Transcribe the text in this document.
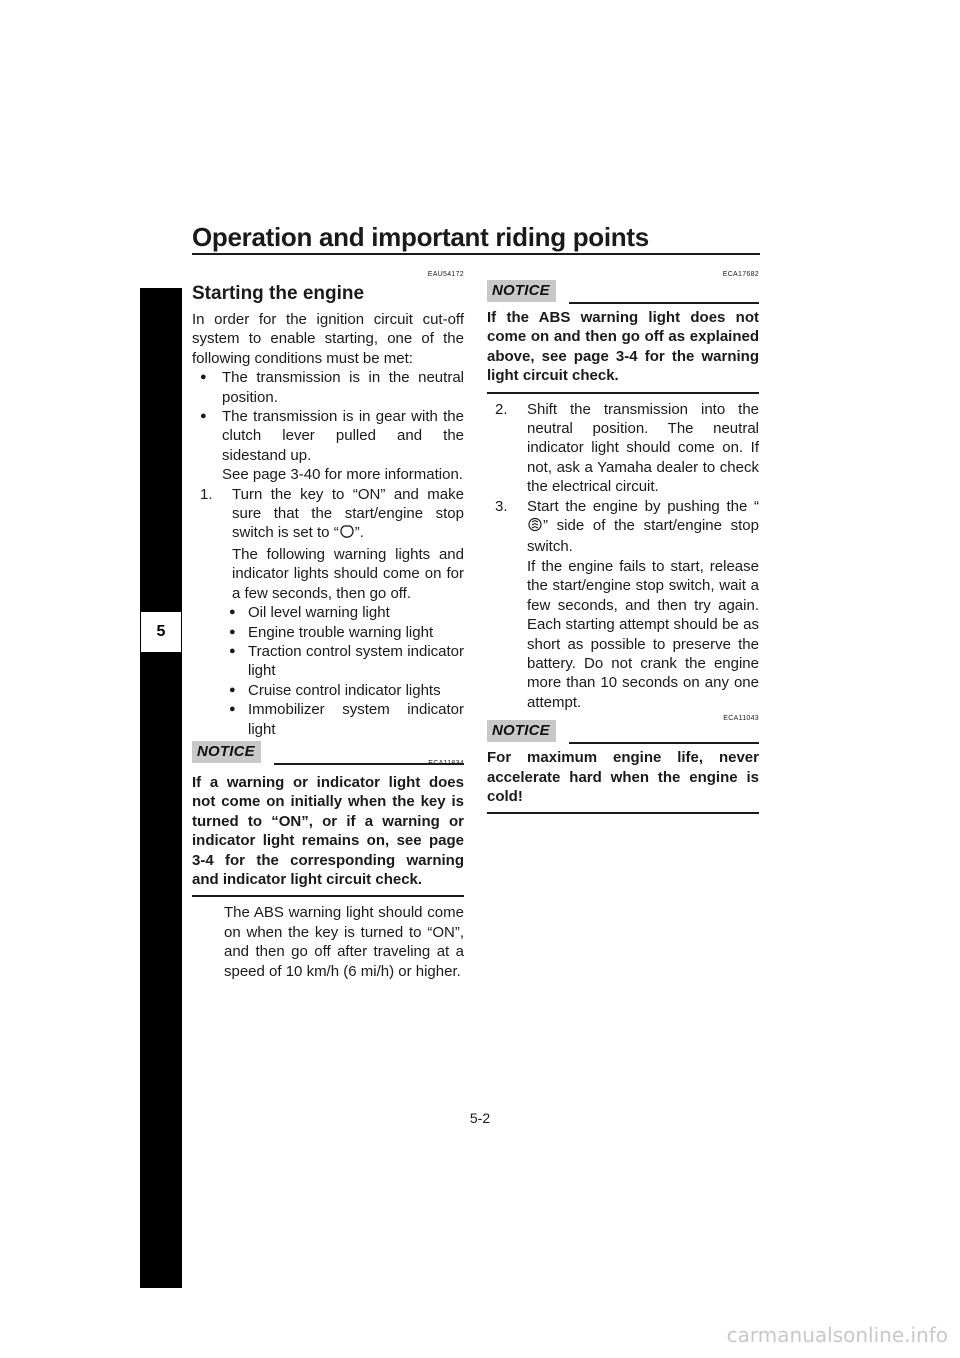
Operation and important riding points
5
EAU54172
Starting the engine

In order for the ignition circuit cut-off system to enable starting, one of the following conditions must be met:

●	The transmission is in the neutral position.
●	The transmission is in gear with the clutch lever pulled and the sidestand up.

See page 3-40 for more information.

1.	Turn the key to “ON” and make sure that the start/engine stop switch is set to “ ”.
The following warning lights and indicator lights should come on for a few seconds, then go off.
● Oil level warning light
● Engine trouble warning light
● Traction control system indicator light
● Cruise control indicator lights
● Immobilizer system indicator light
NOTICE
If a warning or indicator light does not come on initially when the key is turned to “ON”, or if a warning or indicator light remains on, see page 3-4 for the corresponding warning and indicator light circuit check.

The ABS warning light should come on when the key is turned to “ON”, and then go off after traveling at a speed of 10 km/h (6 mi/h) or higher.

ECA17682
NOTICE
If the ABS warning light does not come on and then go off as explained above, see page 3-4 for the warning light circuit check.
2.	Shift the transmission into the neutral position. The neutral indicator light should come on. If not, ask a Yamaha dealer to check the electrical circuit.
3.	Start the engine by pushing the “” side of the start/engine stop switch.
If the engine fails to start, release the start/engine stop switch, wait a few seconds, and then try again. Each starting attempt should be as short as possible to preserve the battery. Do not crank the engine more than 10 seconds on any one attempt.
ECA11043
NOTICE
For maximum engine life, never accelerate hard when the engine is cold!
5-2
carmanualsonline.info
